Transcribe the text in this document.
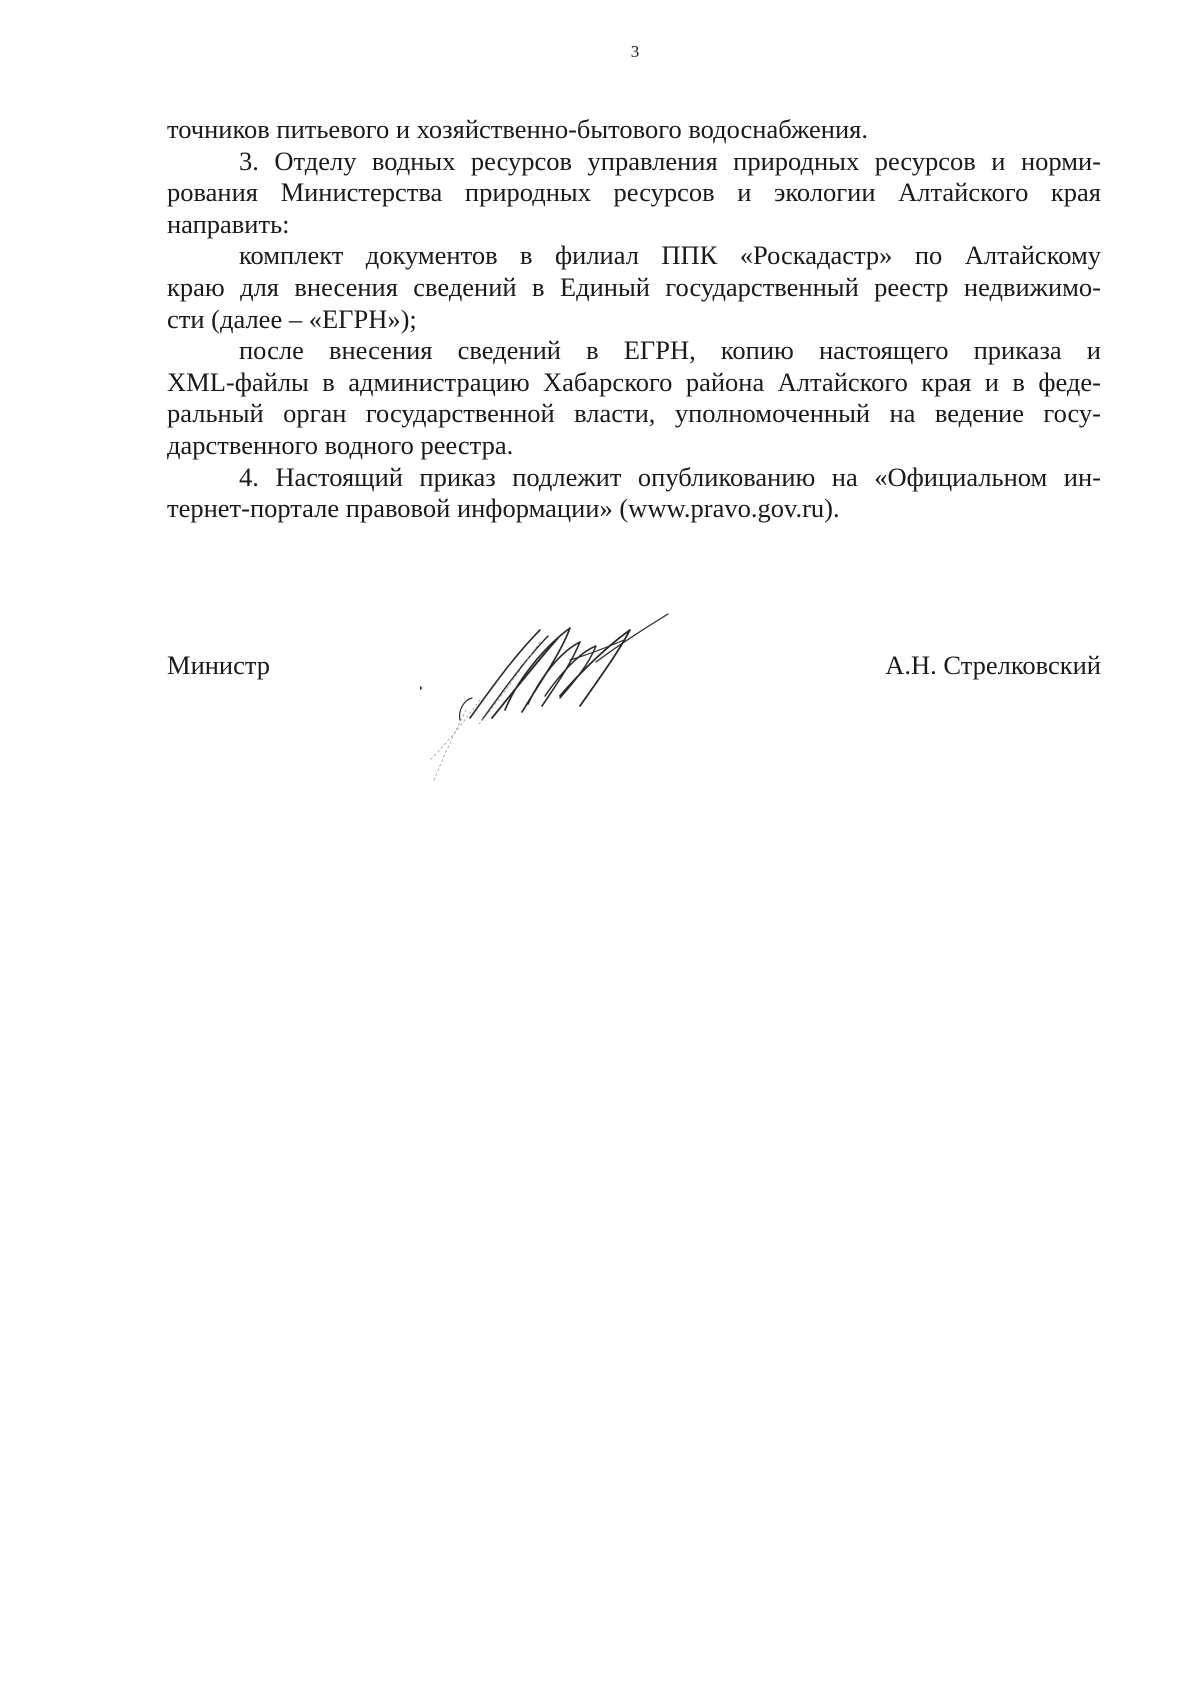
3
точников питьевого и хозяйственно-бытового водоснабжения.
3. Отделу водных ресурсов управления природных ресурсов и норми-
рования Министерства природных ресурсов и экологии Алтайского края
направить:
комплект документов в филиал ППК «Роскадастр» по Алтайскому
краю для внесения сведений в Единый государственный реестр недвижимо-
сти (далее – «ЕГРН»);
после внесения сведений в ЕГРН, копию настоящего приказа и
XML-файлы в администрацию Хабарского района Алтайского края и в феде-
ральный орган государственной власти, уполномоченный на ведение госу-
дарственного водного реестра.
4. Настоящий приказ подлежит опубликованию на «Официальном ин-
тернет-портале правовой информации» (www.pravo.gov.ru).
Министр	А.Н. Стрелковский
